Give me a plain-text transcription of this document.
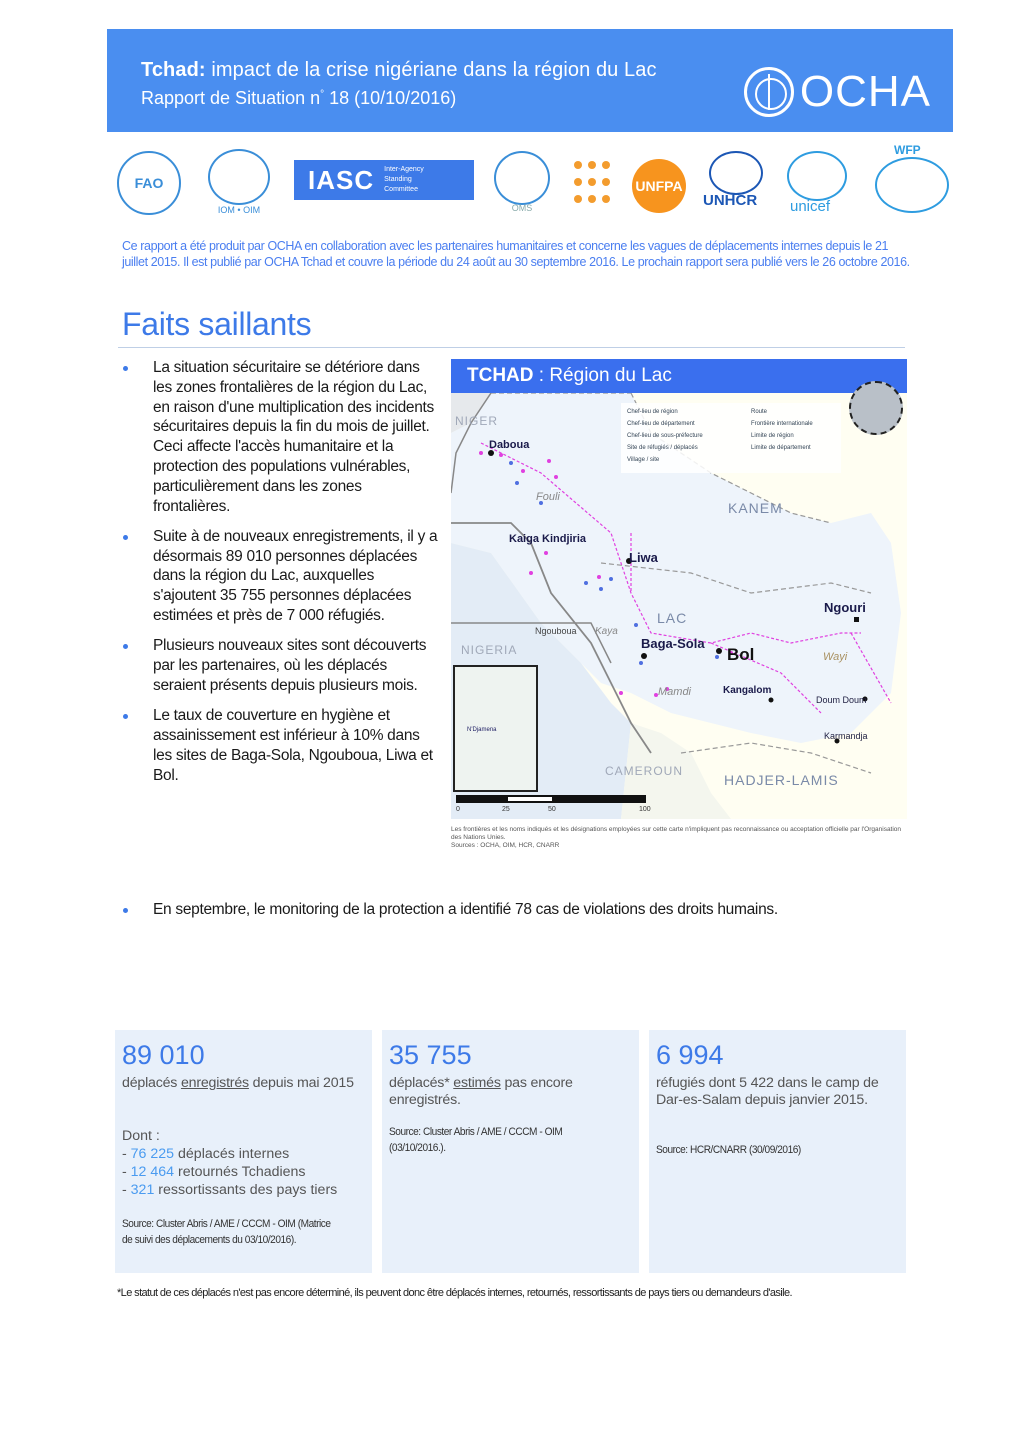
Tchad: impact de la crise nigériane dans la région du Lac
Rapport de Situation n° 18 (10/10/2016)	OCHA
FAO
IOM • OIM
IASC Inter-Agency Standing Committee
OMS
UNFPA
UNHCR unicef
WFP
Ce rapport a été produit par OCHA en collaboration avec les partenaires humanitaires et concerne les vagues de déplacements internes depuis le 21 juillet 2015. Il est publié par OCHA Tchad et couvre la période du 24 août au 30 septembre 2016. Le prochain rapport sera publié vers le 26 octobre 2016.
Faits saillants
La situation sécuritaire se détériore dans les zones frontalières de la région du Lac, en raison d'une multiplication des incidents sécuritaires depuis la fin du mois de juillet. Ceci affecte l'accès humanitaire et la protection des populations vulnérables, particulièrement dans les zones frontalières.
Suite à de nouveaux enregistrements, il y a désormais 89 010 personnes déplacées dans la région du Lac, auxquelles s'ajoutent 35 755 personnes déplacées estimées et près de 7 000 réfugiés.
Plusieurs nouveaux sites sont découverts par les partenaires, où les déplacés seraient présents depuis plusieurs mois.
Le taux de couverture en hygiène et assainissement est inférieur à 10% dans les sites de Baga-Sola, Ngouboua, Liwa et Bol.
En septembre, le monitoring de la protection a identifié 78 cas de violations des droits humains.
TCHAD : Région du Lac
Chef-lieu de région
Chef-lieu de département
Chef-lieu de sous-préfecture
Site de réfugiés / déplacés
Village / site
Route
Frontière internationale
Limite de région
Limite de département
NIGER
Daboua
Fouli
KANEM
Kaiga Kindjiria
Liwa
Ngouri
LAC
Ngouboua Kaya
Baga-Sola
NIGERIA	Bol	Wayi
Mamdi	Kangalom
Doum Doum
Karmandja
CAMEROUN
HADJER-LAMIS
N'Djamena
0	25	50	100
Les frontières et les noms indiqués et les désignations employées sur cette carte n'impliquent pas reconnaissance ou acceptation officielle par l'Organisation des Nations Unies.
Sources : OCHA, OIM, HCR, CNARR
89 010
déplacés enregistrés depuis mai 2015
Dont :
- 76 225 déplacés internes
- 12 464 retournés Tchadiens
- 321 ressortissants des pays tiers
Source: Cluster Abris / AME / CCCM - OIM (Matrice de suivi des déplacements du 03/10/2016).
35 755
déplacés* estimés pas encore enregistrés.
Source: Cluster Abris / AME / CCCM - OIM (03/10/2016.).
6 994
réfugiés dont 5 422 dans le camp de Dar-es-Salam depuis janvier 2015.
Source: HCR/CNARR (30/09/2016)
*Le statut de ces déplacés n'est pas encore déterminé, ils peuvent donc être déplacés internes, retournés, ressortissants de pays tiers ou demandeurs d'asile.
